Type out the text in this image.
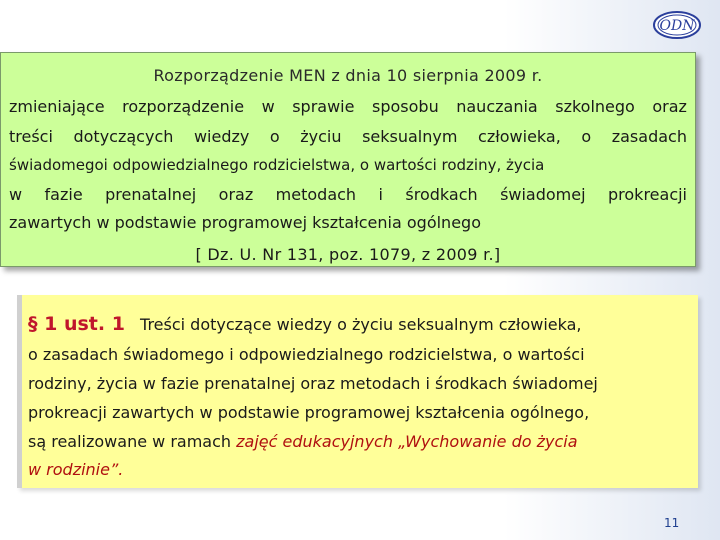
ODN
Rozporządzenie MEN z dnia 10 sierpnia 2009 r.
zmieniające rozporządzenie w sprawie sposobu nauczania szkolnego oraz
treści dotyczących wiedzy o życiu seksualnym człowieka, o zasadach
świadomegoi odpowiedzialnego rodzicielstwa, o wartości rodziny, życia
w fazie prenatalnej oraz metodach i środkach świadomej prokreacji
zawartych w podstawie programowej kształcenia ogólnego
[ Dz. U. Nr 131, poz. 1079, z 2009 r.]
§ 1 ust. 1 Treści dotyczące wiedzy o życiu seksualnym człowieka,
o zasadach świadomego i odpowiedzialnego rodzicielstwa, o wartości
rodziny, życia w fazie prenatalnej oraz metodach i środkach świadomej
prokreacji zawartych w podstawie programowej kształcenia ogólnego,
są realizowane w ramach zajęć edukacyjnych „Wychowanie do życia
w rodzinie”.
11
